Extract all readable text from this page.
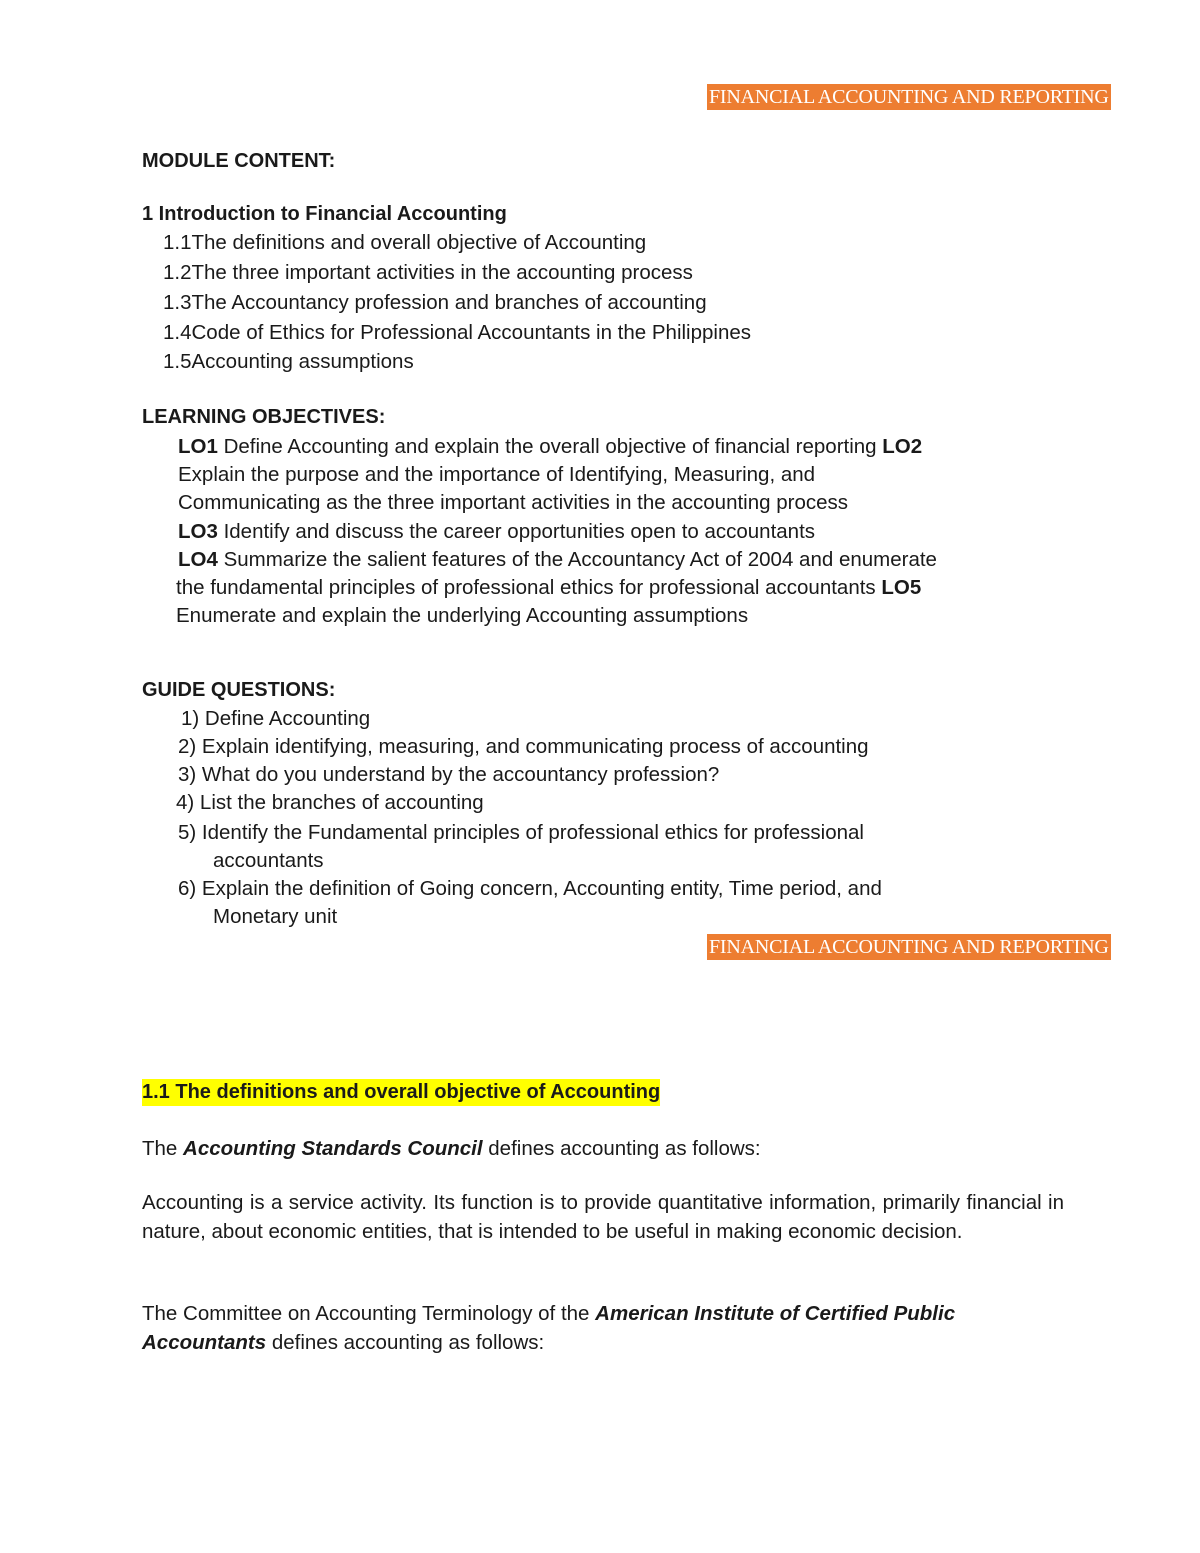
FINANCIAL ACCOUNTING AND REPORTING
MODULE CONTENT:
1 Introduction to Financial Accounting
1.1The definitions and overall objective of Accounting
1.2The three important activities in the accounting process
1.3The Accountancy profession and branches of accounting
1.4Code of Ethics for Professional Accountants in the Philippines
1.5Accounting assumptions
LEARNING OBJECTIVES:
LO1 Define Accounting and explain the overall objective of financial reporting LO2
Explain the purpose and the importance of Identifying, Measuring, and
Communicating as the three important activities in the accounting process
LO3 Identify and discuss the career opportunities open to accountants
LO4 Summarize the salient features of the Accountancy Act of 2004 and enumerate
the fundamental principles of professional ethics for professional accountants LO5
Enumerate and explain the underlying Accounting assumptions
GUIDE QUESTIONS:
1) Define Accounting
2) Explain identifying, measuring, and communicating process of accounting
3) What do you understand by the accountancy profession?
4) List the branches of accounting
5) Identify the Fundamental principles of professional ethics for professional
accountants
6) Explain the definition of Going concern, Accounting entity, Time period, and
Monetary unit
FINANCIAL ACCOUNTING AND REPORTING
1.1 The definitions and overall objective of Accounting
The Accounting Standards Council defines accounting as follows:
Accounting is a service activity. Its function is to provide quantitative information, primarily financial in nature, about economic entities, that is intended to be useful in making economic decision.
The Committee on Accounting Terminology of the American Institute of Certified Public Accountants defines accounting as follows:
